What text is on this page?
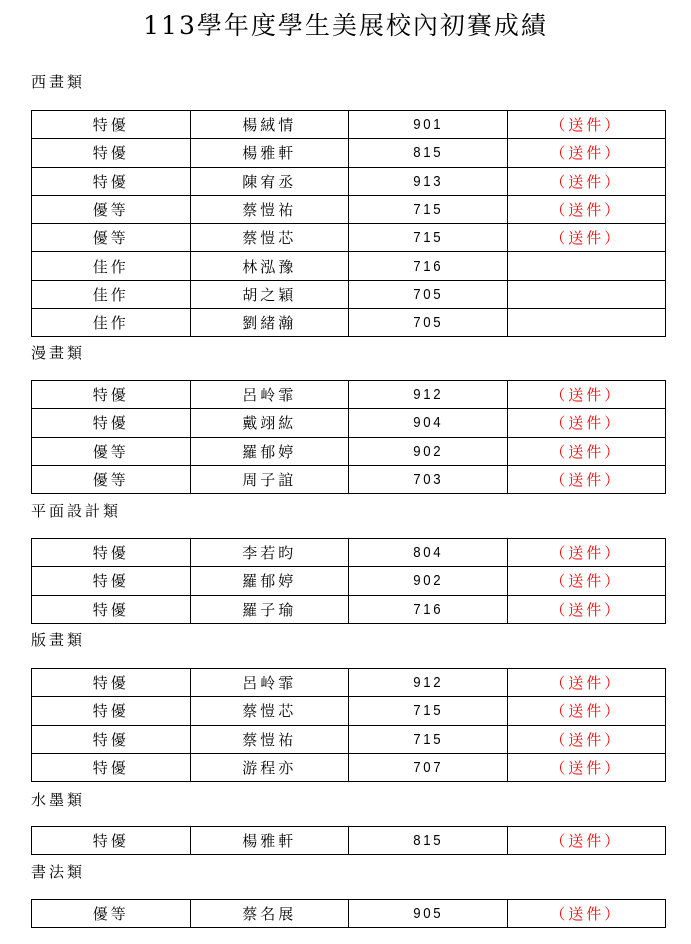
113學年度學生美展校內初賽成績
西畫類
特優	楊絨情	901	（送件）
特優	楊雅軒	815	（送件）
特優	陳宥丞	913	（送件）
優等	蔡愷祐	715	（送件）
優等	蔡愷芯	715	（送件）
佳作	林泓豫	716	
佳作	胡之穎	705	
佳作	劉緒瀚	705	
漫畫類
特優	呂岭霏	912	（送件）
特優	戴翊紘	904	（送件）
優等	羅郁婷	902	（送件）
優等	周子誼	703	（送件）
平面設計類
特優	李若昀	804	（送件）
特優	羅郁婷	902	（送件）
特優	羅子瑜	716	（送件）
版畫類
特優	呂岭霏	912	（送件）
特優	蔡愷芯	715	（送件）
特優	蔡愷祐	715	（送件）
特優	游程亦	707	（送件）
水墨類
特優	楊雅軒	815	（送件）
書法類
優等	蔡名展	905	（送件）
